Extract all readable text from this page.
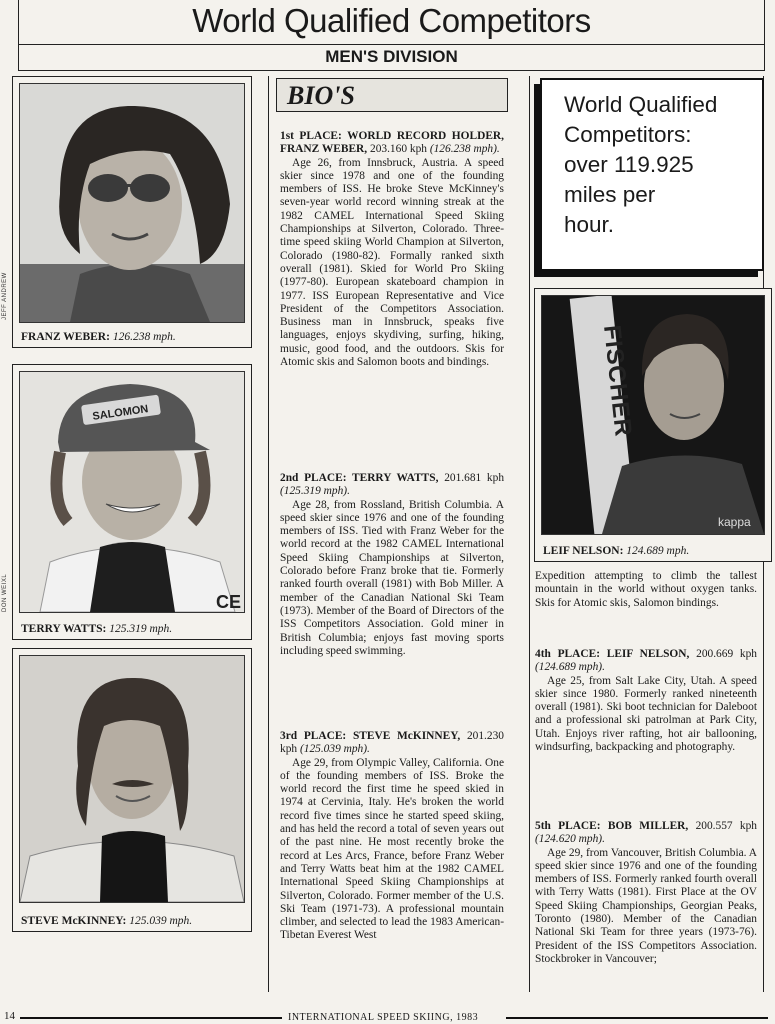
World Qualified Competitors
MEN'S DIVISION
FRANZ WEBER: 126.238 mph.
JEFF ANDREW
SALOMON
CE
TERRY WATTS: 125.319 mph.
DON WEIXL
STEVE McKINNEY: 125.039 mph.
BIO'S

1st PLACE: WORLD RECORD HOLDER, FRANZ WEBER, 203.160 kph (126.238 mph).

Age 26, from Innsbruck, Austria. A speed skier since 1978 and one of the founding members of ISS. He broke Steve McKinney's seven-year world record winning streak at the 1982 CAMEL International Speed Skiing Championships at Silverton, Colorado. Three-time speed skiing World Champion at Silverton, Colorado (1980-82). Formally ranked sixth overall (1981). Skied for World Pro Skiing (1977-80). European skateboard champion in 1977. ISS European Representative and Vice President of the Competitors Association. Business man in Innsbruck, speaks five languages, enjoys skydiving, surfing, hiking, music, good food, and the outdoors. Skis for Atomic skis and Salomon boots and bindings.

2nd PLACE: TERRY WATTS, 201.681 kph (125.319 mph).

Age 28, from Rossland, British Columbia. A speed skier since 1976 and one of the founding members of ISS. Tied with Franz Weber for the world record at the 1982 CAMEL International Speed Skiing Championships at Silverton, Colorado before Franz broke that tie. Formerly ranked fourth overall (1981) with Bob Miller. A member of the Canadian National Ski Team (1973). Member of the Board of Directors of the ISS Competitors Association. Gold miner in British Columbia; enjoys fast moving sports including speed swimming.

3rd PLACE: STEVE McKINNEY, 201.230 kph (125.039 mph).

Age 29, from Olympic Valley, California. One of the founding members of ISS. Broke the world record the first time he speed skied in 1974 at Cervinia, Italy. He's broken the world record five times since he started speed skiing, and has held the record a total of seven years out of the past nine. He most recently broke the record at Les Arcs, France, before Franz Weber and Terry Watts beat him at the 1982 CAMEL International Speed Skiing Championships at Silverton, Colorado. Former member of the U.S. Ski Team (1971-73). A professional mountain climber, and selected to lead the 1983 American-Tibetan Everest West

World Qualified
Competitors:
over 119.925
miles per
hour.
FISCHER
kappa
LEIF NELSON: 124.689 mph.

Expedition attempting to climb the tallest mountain in the world without oxygen tanks. Skis for Atomic skis, Salomon bindings.

4th PLACE: LEIF NELSON, 200.669 kph (124.689 mph).

Age 25, from Salt Lake City, Utah. A speed skier since 1980. Formerly ranked nineteenth overall (1981). Ski boot technician for Daleboot and a professional ski patrolman at Park City, Utah. Enjoys river rafting, hot air ballooning, windsurfing, backpacking and photography.

5th PLACE: BOB MILLER, 200.557 kph (124.620 mph).

Age 29, from Vancouver, British Columbia. A speed skier since 1976 and one of the founding members of ISS. Formerly ranked fourth overall with Terry Watts (1981). First Place at the OV Speed Skiing Championships, Georgian Peaks, Toronto (1980). Member of the Canadian National Ski Team for three years (1973-76). President of the ISS Competitors Association. Stockbroker in Vancouver;

14	INTERNATIONAL SPEED SKIING, 1983
